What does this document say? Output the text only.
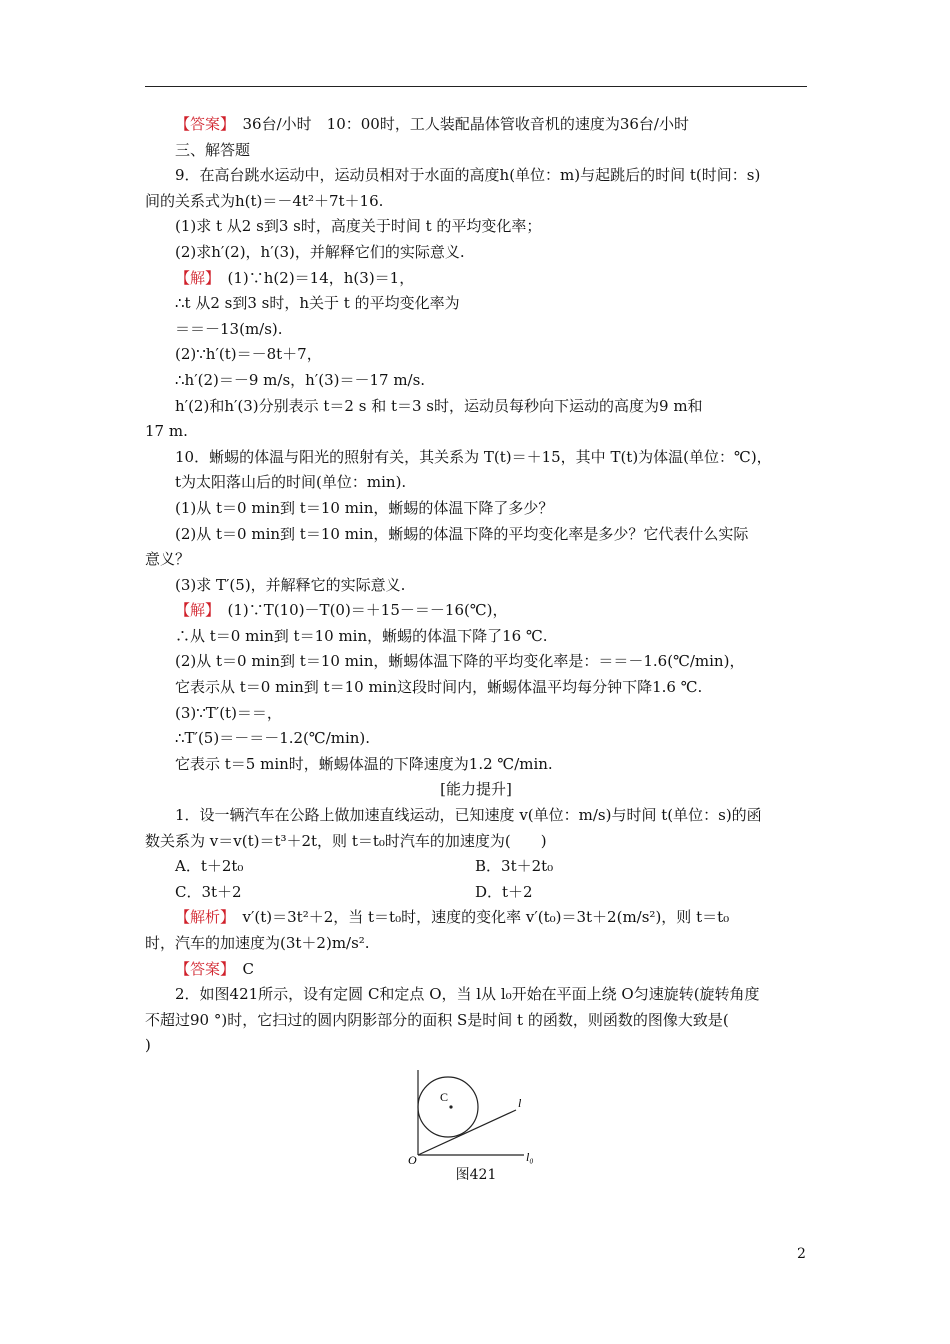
【答案】　36台/小时　10：00时，工人装配晶体管收音机的速度为36台/小时
三、解答题
9．在高台跳水运动中，运动员相对于水面的高度h(单位：m)与起跳后的时间 t(时间：s)
间的关系式为h(t)＝－4t²＋7t＋16.
(1)求 t 从2 s到3 s时，高度关于时间 t 的平均变化率；
(2)求h′(2)，h′(3)，并解释它们的实际意义.
【解】　(1)∵h(2)＝14，h(3)＝1，
∴t 从2 s到3 s时，h关于 t 的平均变化率为
＝＝－13(m/s).
(2)∵h′(t)＝－8t＋7，
∴h′(2)＝－9 m/s，h′(3)＝－17 m/s.
h′(2)和h′(3)分别表示 t＝2 s 和 t＝3 s时，运动员每秒向下运动的高度为9 m和
17 m.
10．蜥蜴的体温与阳光的照射有关，其关系为 T(t)＝＋15，其中 T(t)为体温(单位：℃)，
t为太阳落山后的时间(单位：min).
(1)从 t＝0 min到 t＝10 min，蜥蜴的体温下降了多少？
(2)从 t＝0 min到 t＝10 min，蜥蜴的体温下降的平均变化率是多少？它代表什么实际
意义？
(3)求 T′(5)，并解释它的实际意义.
【解】　(1)∵T(10)－T(0)＝＋15－＝－16(℃)，
∴从 t＝0 min到 t＝10 min，蜥蜴的体温下降了16 ℃.
(2)从 t＝0 min到 t＝10 min，蜥蜴体温下降的平均变化率是：＝＝－1.6(℃/min)，
它表示从 t＝0 min到 t＝10 min这段时间内，蜥蜴体温平均每分钟下降1.6 ℃.
(3)∵T′(t)＝＝，
∴T′(5)＝－＝－1.2(℃/min).
它表示 t＝5 min时，蜥蜴体温的下降速度为1.2 ℃/min.
[能力提升]
1．设一辆汽车在公路上做加速直线运动，已知速度 v(单位：m/s)与时间 t(单位：s)的函
数关系为 v＝v(t)＝t³＋2t，则 t＝t₀时汽车的加速度为(　　)
A．t＋2t₀	B．3t＋2t₀
C．3t＋2	D．t＋2
【解析】　v′(t)＝3t²＋2，当 t＝t₀时，速度的变化率 v′(t₀)＝3t＋2(m/s²)，则 t＝t₀
时，汽车的加速度为(3t＋2)m/s².
【答案】　C
2．如图421所示，设有定圆 C和定点 O，当 l从 l₀开始在平面上绕 O匀速旋转(旋转角度
不超过90 °)时，它扫过的圆内阴影部分的面积 S是时间 t 的函数，则函数的图像大致是(
)
C
O
l
l₀
图421
2
